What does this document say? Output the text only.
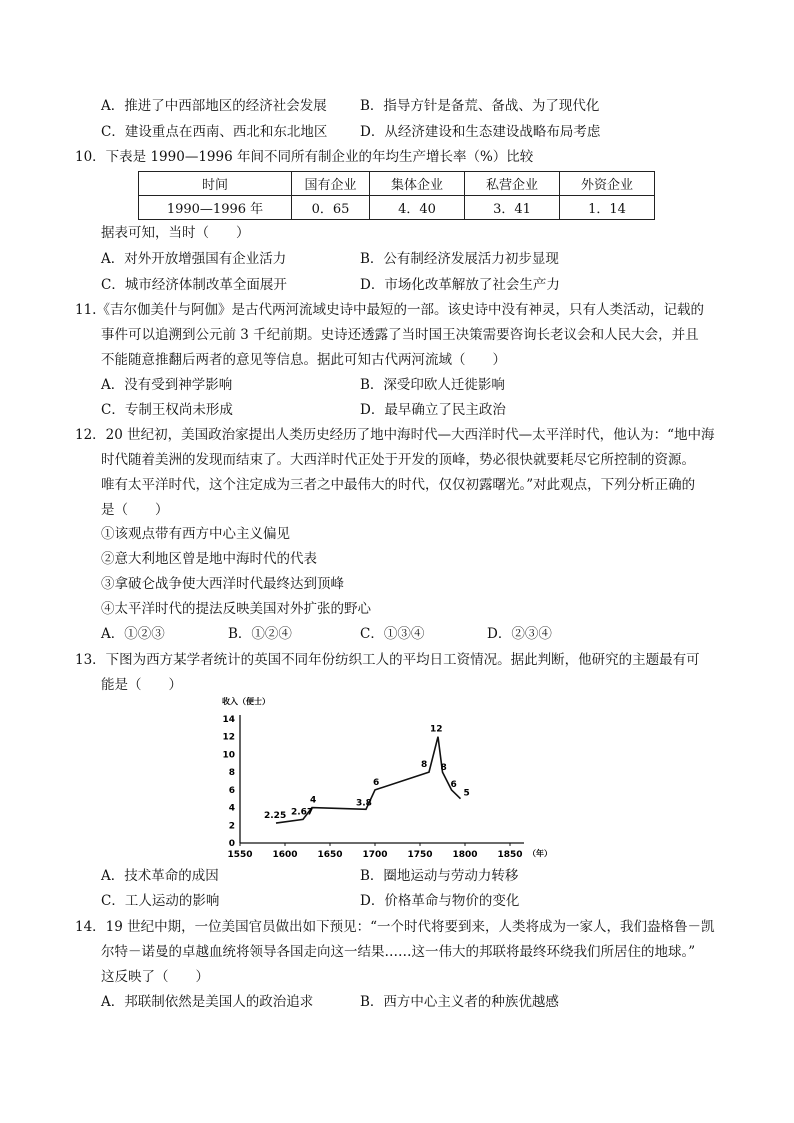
A．推进了中西部地区的经济社会发展 B．指导方针是备荒、备战、为了现代化
C．建设重点在西南、西北和东北地区 D．从经济建设和生态建设战略布局考虑
10．下表是 1990—1996 年间不同所有制企业的年均生产增长率（%）比较
时间	国有企业	集体企业	私营企业	外资企业
1990—1996 年	0．65	4．40	3．41	1．14
据表可知，当时（　　）
A．对外开放增强国有企业活力	B．公有制经济发展活力初步显现
C．城市经济体制改革全面展开	D．市场化改革解放了社会生产力
11.《吉尔伽美什与阿伽》是古代两河流域史诗中最短的一部。该史诗中没有神灵，只有人类活动，记载的
事件可以追溯到公元前 3 千纪前期。史诗还透露了当时国王决策需要咨询长老议会和人民大会，并且
不能随意推翻后两者的意见等信息。据此可知古代两河流域（　　）
A．没有受到神学影响	B．深受印欧人迁徙影响
C．专制王权尚未形成	D．最早确立了民主政治
12．20 世纪初，美国政治家提出人类历史经历了地中海时代—大西洋时代—太平洋时代，他认为：“地中海
时代随着美洲的发现而结束了。大西洋时代正处于开发的顶峰，势必很快就要耗尽它所控制的资源。
唯有太平洋时代，这个注定成为三者之中最伟大的时代，仅仅初露曙光。”对此观点，下列分析正确的
是（　　）
①该观点带有西方中心主义偏见
②意大利地区曾是地中海时代的代表
③拿破仑战争使大西洋时代最终达到顶峰
④太平洋时代的提法反映美国对外扩张的野心
A．①②③	B．①②④	C．①③④	D．②③④
13．下图为西方某学者统计的英国不同年份纺织工人的平均日工资情况。据此判断，他研究的主题最有可
能是（　　）
收入（便士）
（年）
0
2
4
6
8
10
12
14
1550 1600 1650 1700 1750 1800 1850
2.25 2.67
4	3.8
6
8
12
8
6
5
A．技术革命的成因	B．圈地运动与劳动力转移
C．工人运动的影响	D．价格革命与物价的变化
14．19 世纪中期，一位美国官员做出如下预见：“一个时代将要到来，人类将成为一家人，我们盎格鲁－凯
尔特－诺曼的卓越血统将领导各国走向这一结果……这一伟大的邦联将最终环绕我们所居住的地球。”
这反映了（　　）
A．邦联制依然是美国人的政治追求	B．西方中心主义者的种族优越感
